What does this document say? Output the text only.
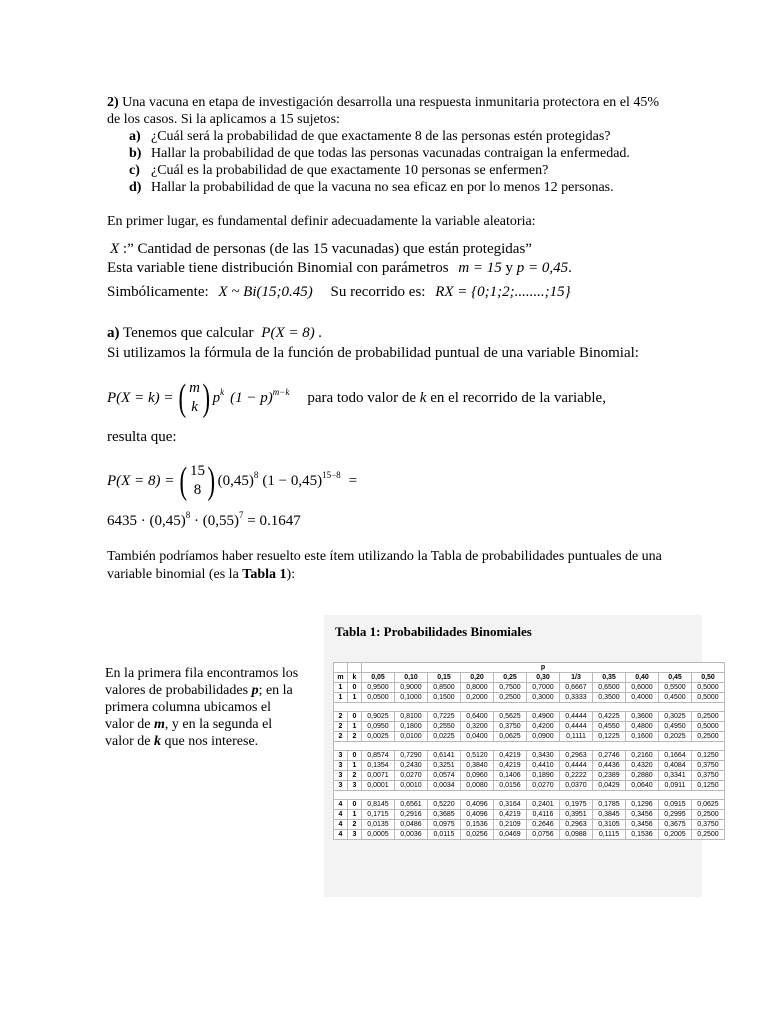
2) Una vacuna en etapa de investigación desarrolla una respuesta inmunitaria protectora en el 45%
de los casos. Si la aplicamos a 15 sujetos:
a) ¿Cuál será la probabilidad de que exactamente 8 de las personas estén protegidas?
b) Hallar la probabilidad de que todas las personas vacunadas contraigan la enfermedad.
c) ¿Cuál es la probabilidad de que exactamente 10 personas se enfermen?
d) Hallar la probabilidad de que la vacuna no sea eficaz en por lo menos 12 personas.
En primer lugar, es fundamental definir adecuadamente la variable aleatoria:
X :” Cantidad de personas (de las 15 vacunadas) que están protegidas”
Esta variable tiene distribución Binomial con parámetros m = 15 y p = 0,45.
Simbólicamente: X ~ Bi(15;0.45) Su recorrido es: RX = {0;1;2;........;15}
a) Tenemos que calcular P(X = 8) .
Si utilizamos la fórmula de la función de probabilidad puntual de una variable Binomial:
P(X = k) = ( m
k ) $p^k$ $(1 - p)^{m-k}$ para todo valor de k en el recorrido de la variable,
resulta que:
P(X = 8) = ( 15
8 ) $(0,45)^8$ $(1 - 0,45)^{15-8}$ =
$6435 \cdot (0,45)^8 \cdot (0,55)^7 = 0.1647$
También podríamos haber resuelto este ítem utilizando la Tabla de probabilidades puntuales de una
variable binomial (es la Tabla 1):
En la primera fila encontramos los
valores de probabilidades p; en la
primera columna ubicamos el
valor de m, y en la segunda el
valor de k que nos interese.
Tabla 1: Probabilidades Binomiales
		p										
m	k	0,05	0,10	0,15	0,20	0,25	0,30	1/3	0,35	0,40	0,45	0,50
1	0	0,9500	0,9000	0,8500	0,8000	0,7500	0,7000	0,6667	0,6500	0,6000	0,5500	0,5000
1	1	0,0500	0,1000	0,1500	0,2000	0,2500	0,3000	0,3333	0,3500	0,4000	0,4500	0,5000

2	0	0,9025	0,8100	0,7225	0,6400	0,5625	0,4900	0,4444	0,4225	0,3600	0,3025	0,2500
2	1	0,0950	0,1800	0,2550	0,3200	0,3750	0,4200	0,4444	0,4550	0,4800	0,4950	0,5000
2	2	0,0025	0,0100	0,0225	0,0400	0,0625	0,0900	0,1111	0,1225	0,1600	0,2025	0,2500

3	0	0,8574	0,7290	0,6141	0,5120	0,4219	0,3430	0,2963	0,2746	0,2160	0,1664	0,1250
3	1	0,1354	0,2430	0,3251	0,3840	0,4219	0,4410	0,4444	0,4436	0,4320	0,4084	0,3750
3	2	0,0071	0,0270	0,0574	0,0960	0,1406	0,1890	0,2222	0,2389	0,2880	0,3341	0,3750
3	3	0,0001	0,0010	0,0034	0,0080	0,0156	0,0270	0,0370	0,0429	0,0640	0,0911	0,1250

4	0	0,8145	0,6561	0,5220	0,4096	0,3164	0,2401	0,1975	0,1785	0,1296	0,0915	0,0625
4	1	0,1715	0,2916	0,3685	0,4096	0,4219	0,4116	0,3951	0,3845	0,3456	0,2995	0,2500
4	2	0,0135	0,0486	0,0975	0,1536	0,2109	0,2646	0,2963	0,3105	0,3456	0,3675	0,3750
4	3	0,0005	0,0036	0,0115	0,0256	0,0469	0,0756	0,0988	0,1115	0,1536	0,2005	0,2500
